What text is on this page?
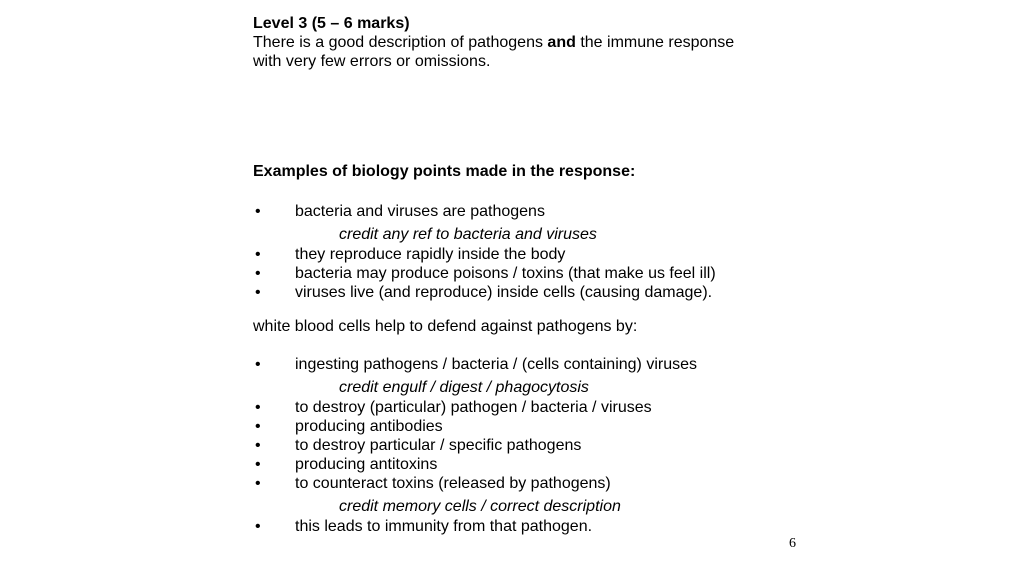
Level 3 (5 – 6 marks)
There is a good description of pathogens and the immune response
with very few errors or omissions.
Examples of biology points made in the response:
• bacteria and viruses are pathogens
credit any ref to bacteria and viruses
• they reproduce rapidly inside the body
• bacteria may produce poisons / toxins (that make us feel ill)
• viruses live (and reproduce) inside cells (causing damage).
white blood cells help to defend against pathogens by:
• ingesting pathogens / bacteria / (cells containing) viruses
credit engulf / digest / phagocytosis
• to destroy (particular) pathogen / bacteria / viruses
• producing antibodies
• to destroy particular / specific pathogens
• producing antitoxins
• to counteract toxins (released by pathogens)
credit memory cells / correct description
• this leads to immunity from that pathogen.
6
